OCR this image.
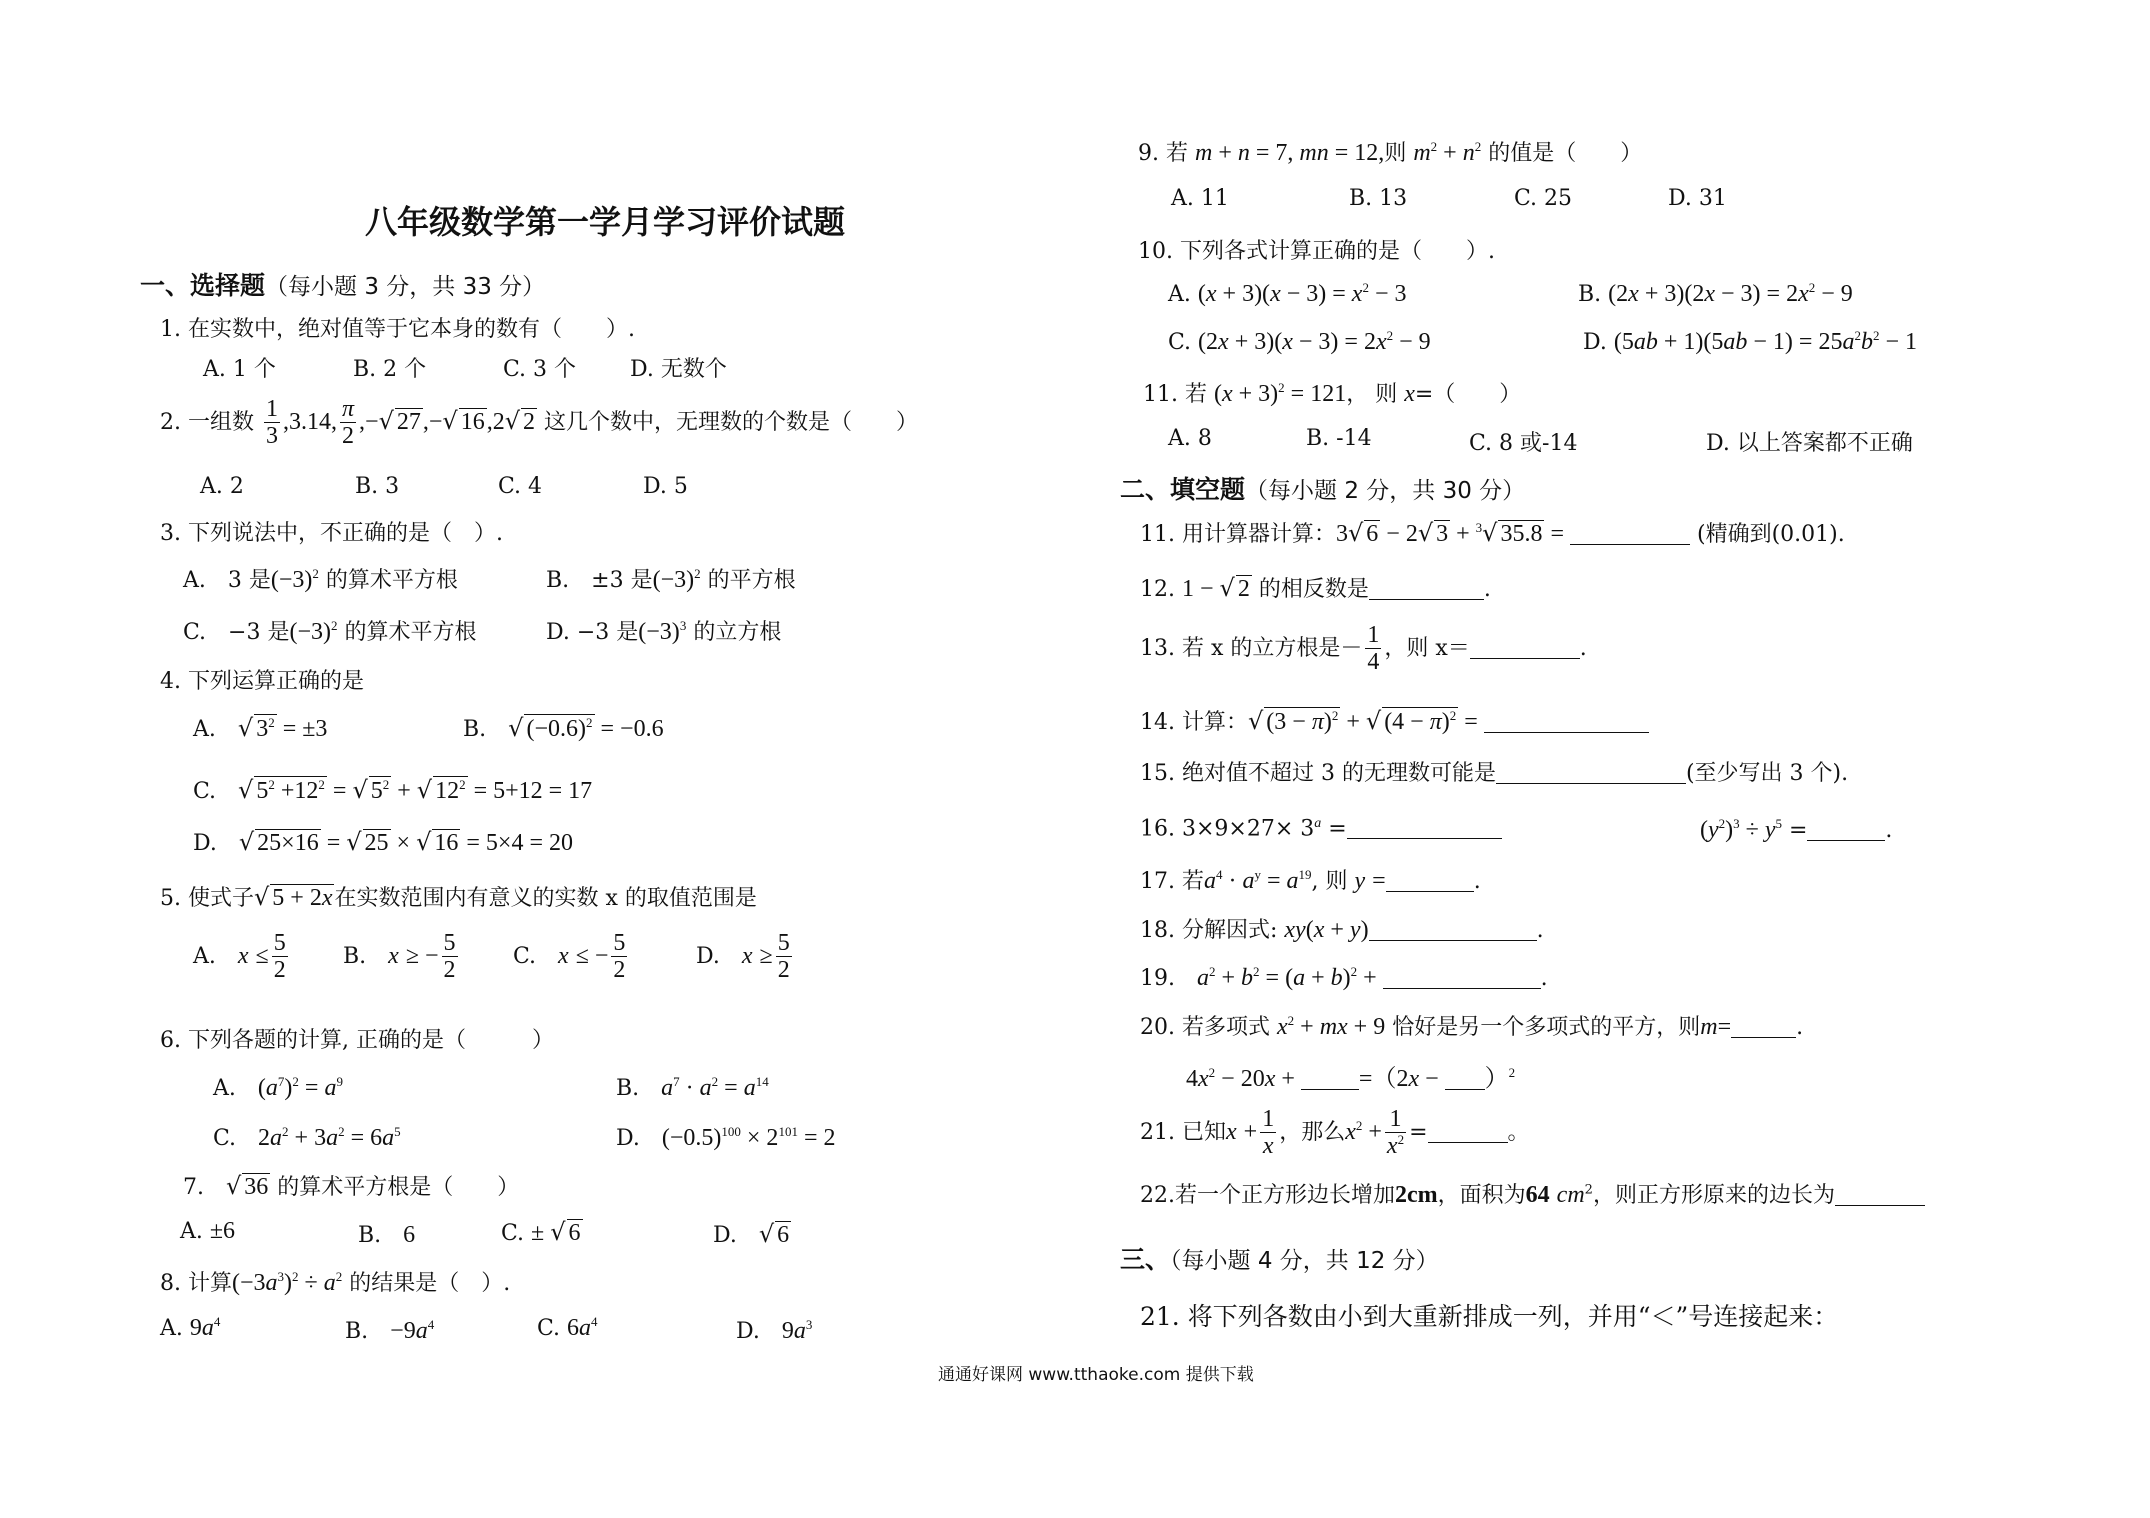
八年级数学第一学月学习评价试题
一、选择题（每小题 3 分，共 33 分）
1. 在实数中，绝对值等于它本身的数有（　　）.
A. 1 个	B. 2 个	C. 3 个 D. 无数个
2. 一组数 $\frac{1}{3} ,3.14$, $\frac{\pi}{2}$ ,−√ 27,−√ 16,2√ 2 这几个数中，无理数的个数是（　　）
A. 2	B. 3	C. 4	D. 5
3. 下列说法中，不正确的是（　）.
A.　3 是$(-3)^2$ 的算术平方根	B.　±3 是$(-3)^2$ 的平方根
C.　−3 是$(-3)^2$ 的算术平方根	D. −3 是$(-3)^3$ 的立方根
4. 下列运算正确的是
A.　√ $3^2 = \pm 3$	B.　√ $(-0.6)^2 = -0.6$
C.　√ $5^2 +12^2$ = √ $5^2$ + √ $12^2 = 5+12 = 17$
D.　√ 25×16 = √ 25 × √ 16 = 5×4 = 20
5. 使式子√ 5 + 2x在实数范围内有意义的实数 x 的取值范围是
A.　$x \le \frac{5}{2}$	B.　x ≥ − $\frac{5}{2}$	C.　x ≤ − $\frac{5}{2}$	D.　$x \ge \frac{5}{2}$
6. 下列各题的计算, 正确的是（　　　）
A.　$(a^7)^2 = a^9$	B.　$a^7 \cdot a^2 = a^{14}$
C.　$2a^2 + 3a^2 = 6a^5$	D.　$(-0.5)^{100} \times 2^{101} = 2$
7.　√ 36 的算术平方根是（　　）
A. ±6	B.　6	C. ± √ 6	D.　√ 6
8. 计算$(-3a^3)^2 \div a^2$ 的结果是（　）.
A. $9a^4$	B.　$-9a^4$	C. $6a^4$	D.　$9a^3$
9. 若 m + n = 7, mn = 12,则 $m^2 + n^2$ 的值是（　　）
A. 11	B. 13	C. 25	D. 31
10. 下列各式计算正确的是（　　）.
A. $(x + 3)(x - 3) = x^2 - 3$	B. $(2x + 3)(2x - 3) = 2x^2 - 9$
C. $(2x + 3)(x - 3) = 2x^2 - 9$	D. $(5ab + 1)(5ab - 1) = 25a^2b^2 - 1$
11. 若 $(x + 3)^2 = 121$， 则 x=（　　）
A. 8	B. -14	C. 8 或-14	D. 以上答案都不正确
二、填空题（每小题 2 分，共 30 分）
11. 用计算器计算：3√ 6 − 2√ 3 + $^3$√ 35.8 =	(精确到(0.01).
12. 1 − √ 2 的相反数是	.
13. 若 x 的立方根是－ $\frac{1}{4}$ ，则 x＝	.
14. 计算：√ $(3 - \pi)^2$ + √ $(4 - \pi)^2$ =
15. 绝对值不超过 3 的无理数可能是	(至少写出 3 个).
16. $3\times 9\times 27\times 3^a$ =	$(y^2)^3 \div y^5$ =	.
17. 若$a^4 \cdot a^y = a^{19}$, 则 y =	.
18. 分解因式: xy(x + y)	.
19.　$a^2 + b^2 = (a + b)^2$ +	.
20. 若多项式 $x^2$ + mx + 9 恰好是另一个多项式的平方，则m=	.
$4x^2 - 20x + =(2x - )^2$
21. 已知$x + \frac{1}{x}$ ，那么$x^2 + \frac{1}{x^2}$ =	。
22.若一个正方形边长增加2cm，面积为64 $cm^2$，则正方形原来的边长为
三、（每小题 4 分，共 12 分）
21. 将下列各数由小到大重新排成一列，并用“＜”号连接起来：
通通好课网 www.tthaoke.com 提供下载
